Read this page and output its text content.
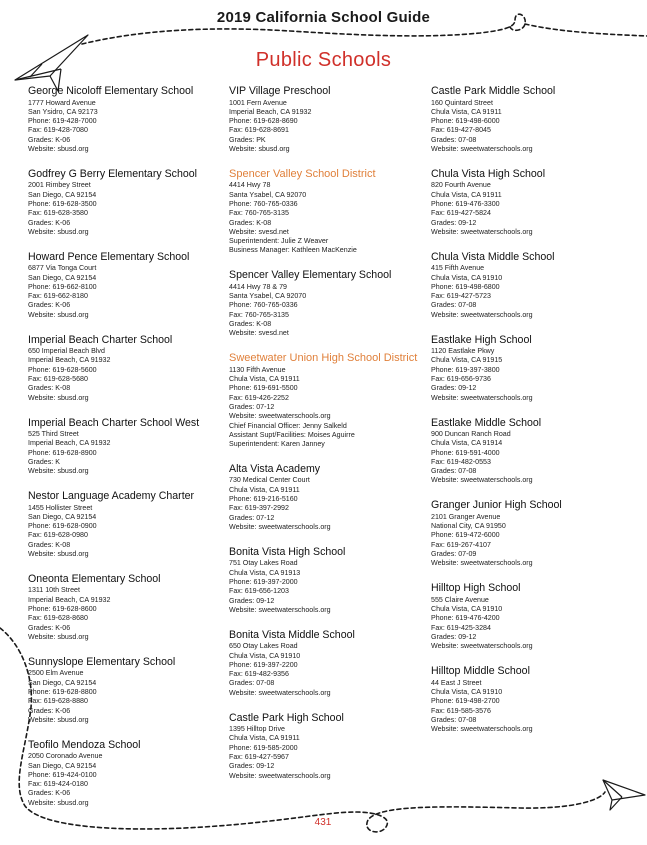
2019 California School Guide
Public Schools
George Nicoloff Elementary School
1777 Howard Avenue
San Ysidro, CA 92173
Phone: 619-428-7000
Fax: 619-428-7080
Grades: K-06
Website: sbusd.org
Godfrey G Berry Elementary School
2001 Rimbey Street
San Diego, CA 92154
Phone: 619-628-3500
Fax: 619-628-3580
Grades: K-06
Website: sbusd.org
Howard Pence Elementary School
6877 Via Tonga Court
San Diego, CA 92154
Phone: 619-662-8100
Fax: 619-662-8180
Grades: K-06
Website: sbusd.org
Imperial Beach Charter School
650 Imperial Beach Blvd
Imperial Beach, CA 91932
Phone: 619-628-5600
Fax: 619-628-5680
Grades: K-08
Website: sbusd.org
Imperial Beach Charter School West
525 Third Street
Imperial Beach, CA 91932
Phone: 619-628-8900
Grades: K
Website: sbusd.org
Nestor Language Academy Charter
1455 Hollister Street
San Diego, CA 92154
Phone: 619-628-0900
Fax: 619-628-0980
Grades: K-08
Website: sbusd.org
Oneonta Elementary School
1311 10th Street
Imperial Beach, CA 91932
Phone: 619-628-8600
Fax: 619-628-8680
Grades: K-06
Website: sbusd.org
Sunnyslope Elementary School
2500 Elm Avenue
San Diego, CA 92154
Phone: 619-628-8800
Fax: 619-628-8880
Grades: K-06
Website: sbusd.org
Teofilo Mendoza School
2050 Coronado Avenue
San Diego, CA 92154
Phone: 619-424-0100
Fax: 619-424-0180
Grades: K-06
Website: sbusd.org
VIP Village Preschool
1001 Fern Avenue
Imperial Beach, CA 91932
Phone: 619-628-8690
Fax: 619-628-8691
Grades: PK
Website: sbusd.org
Spencer Valley School District
4414 Hwy 78
Santa Ysabel, CA 92070
Phone: 760-765-0336
Fax: 760-765-3135
Grades: K-08
Website: svesd.net
Superintendent: Julie Z Weaver
Business Manager: Kathleen MacKenzie
Spencer Valley Elementary School
4414 Hwy 78 & 79
Santa Ysabel, CA 92070
Phone: 760-765-0336
Fax: 760-765-3135
Grades: K-08
Website: svesd.net
Sweetwater Union High School District
1130 Fifth Avenue
Chula Vista, CA 91911
Phone: 619-691-5500
Fax: 619-426-2252
Grades: 07-12
Website: sweetwaterschools.org
Chief Financial Officer: Jenny Salkeld
Assistant Supt/Facilities: Moises Aguirre
Superintendent: Karen Janney
Alta Vista Academy
730 Medical Center Court
Chula Vista, CA 91911
Phone: 619-216-5160
Fax: 619-397-2992
Grades: 07-12
Website: sweetwaterschools.org
Bonita Vista High School
751 Otay Lakes Road
Chula Vista, CA 91913
Phone: 619-397-2000
Fax: 619-656-1203
Grades: 09-12
Website: sweetwaterschools.org
Bonita Vista Middle School
650 Otay Lakes Road
Chula Vista, CA 91910
Phone: 619-397-2200
Fax: 619-482-9356
Grades: 07-08
Website: sweetwaterschools.org
Castle Park High School
1395 Hilltop Drive
Chula Vista, CA 91911
Phone: 619-585-2000
Fax: 619-427-5967
Grades: 09-12
Website: sweetwaterschools.org
Castle Park Middle School
160 Quintard Street
Chula Vista, CA 91911
Phone: 619-498-6000
Fax: 619-427-8045
Grades: 07-08
Website: sweetwaterschools.org
Chula Vista High School
820 Fourth Avenue
Chula Vista, CA 91911
Phone: 619-476-3300
Fax: 619-427-5824
Grades: 09-12
Website: sweetwaterschools.org
Chula Vista Middle School
415 Fifth Avenue
Chula Vista, CA 91910
Phone: 619-498-6800
Fax: 619-427-5723
Grades: 07-08
Website: sweetwaterschools.org
Eastlake High School
1120 Eastlake Pkwy
Chula Vista, CA 91915
Phone: 619-397-3800
Fax: 619-656-9736
Grades: 09-12
Website: sweetwaterschools.org
Eastlake Middle School
900 Duncan Ranch Road
Chula Vista, CA 91914
Phone: 619-591-4000
Fax: 619-482-0553
Grades: 07-08
Website: sweetwaterschools.org
Granger Junior High School
2101 Granger Avenue
National City, CA 91950
Phone: 619-472-6000
Fax: 619-267-4107
Grades: 07-09
Website: sweetwaterschools.org
Hilltop High School
555 Claire Avenue
Chula Vista, CA 91910
Phone: 619-476-4200
Fax: 619-425-3284
Grades: 09-12
Website: sweetwaterschools.org
Hilltop Middle School
44 East J Street
Chula Vista, CA 91910
Phone: 619-498-2700
Fax: 619-585-3576
Grades: 07-08
Website: sweetwaterschools.org
431
